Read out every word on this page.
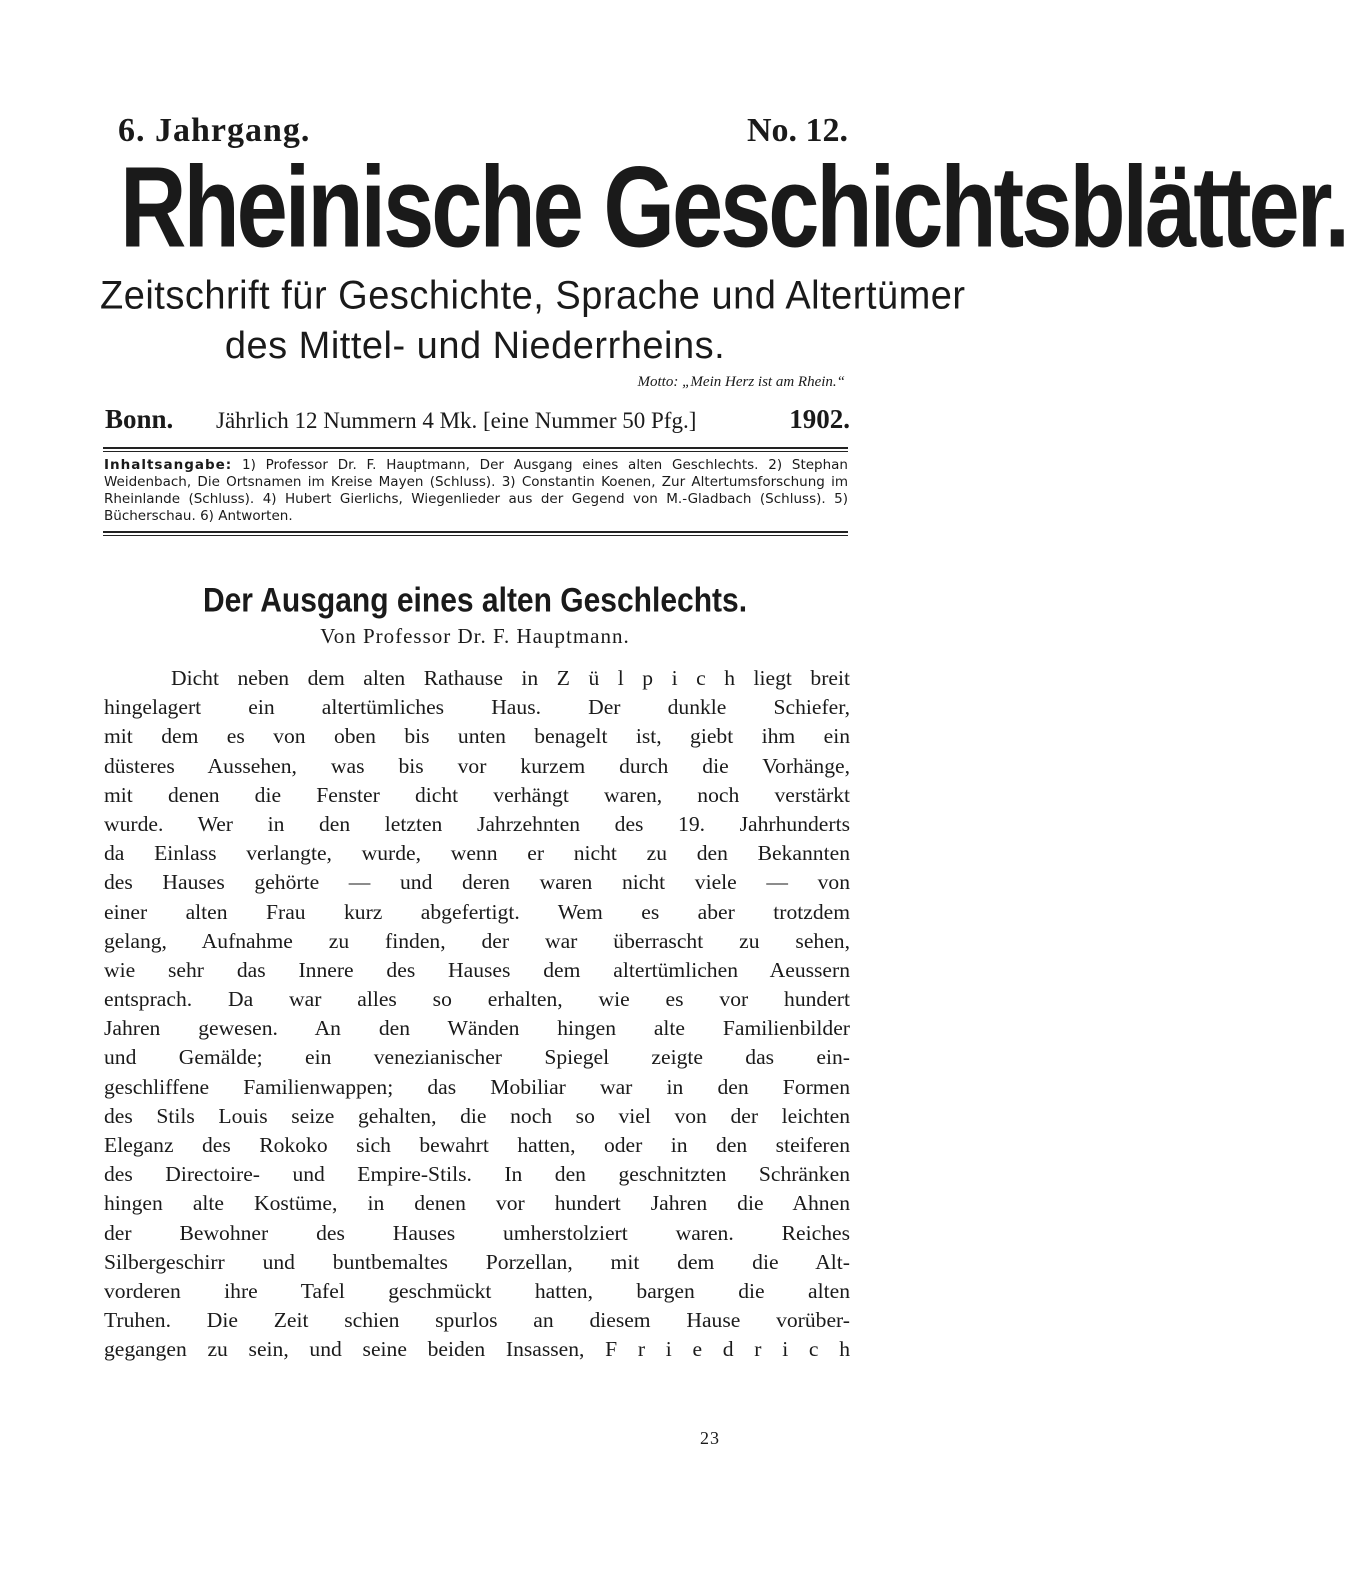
6. Jahrgang.	No. 12.
Rheinische Geschichtsblätter.
Zeitschrift für Geschichte, Sprache und Altertümer
des Mittel- und Niederrheins.
Motto: „Mein Herz ist am Rhein.“
Bonn. Jährlich 12 Nummern 4 Mk. [eine Nummer 50 Pfg.]	1902.
Inhaltsangabe: 1) Professor Dr. F. Hauptmann, Der Ausgang eines alten Geschlechts. 2) Stephan Weidenbach, Die Ortsnamen im Kreise Mayen (Schluss). 3) Constantin Koenen, Zur Altertumsforschung im Rheinlande (Schluss). 4) Hubert Gierlichs, Wiegenlieder aus der Gegend von M.-Gladbach (Schluss). 5) Bücherschau. 6) Antworten.
Der Ausgang eines alten Geschlechts.
Von Professor Dr. F. Hauptmann.
Dicht neben dem alten Rathause in Z ü l p i c h liegt breit
hingelagert ein altertümliches Haus. Der dunkle Schiefer,
mit dem es von oben bis unten benagelt ist, giebt ihm ein
düsteres Aussehen, was bis vor kurzem durch die Vorhänge,
mit denen die Fenster dicht verhängt waren, noch verstärkt
wurde. Wer in den letzten Jahrzehnten des 19. Jahrhunderts
da Einlass verlangte, wurde, wenn er nicht zu den Bekannten
des Hauses gehörte — und deren waren nicht viele — von
einer alten Frau kurz abgefertigt. Wem es aber trotzdem
gelang, Aufnahme zu finden, der war überrascht zu sehen,
wie sehr das Innere des Hauses dem altertümlichen Aeussern
entsprach. Da war alles so erhalten, wie es vor hundert
Jahren gewesen. An den Wänden hingen alte Familienbilder
und Gemälde; ein venezianischer Spiegel zeigte das ein-
geschliffene Familienwappen; das Mobiliar war in den Formen
des Stils Louis seize gehalten, die noch so viel von der leichten
Eleganz des Rokoko sich bewahrt hatten, oder in den steiferen
des Directoire- und Empire-Stils. In den geschnitzten Schränken
hingen alte Kostüme, in denen vor hundert Jahren die Ahnen
der Bewohner des Hauses umherstolziert waren. Reiches
Silbergeschirr und buntbemaltes Porzellan, mit dem die Alt-
vorderen ihre Tafel geschmückt hatten, bargen die alten
Truhen. Die Zeit schien spurlos an diesem Hause vorüber-
gegangen zu sein, und seine beiden Insassen, F r i e d r i c h
23
